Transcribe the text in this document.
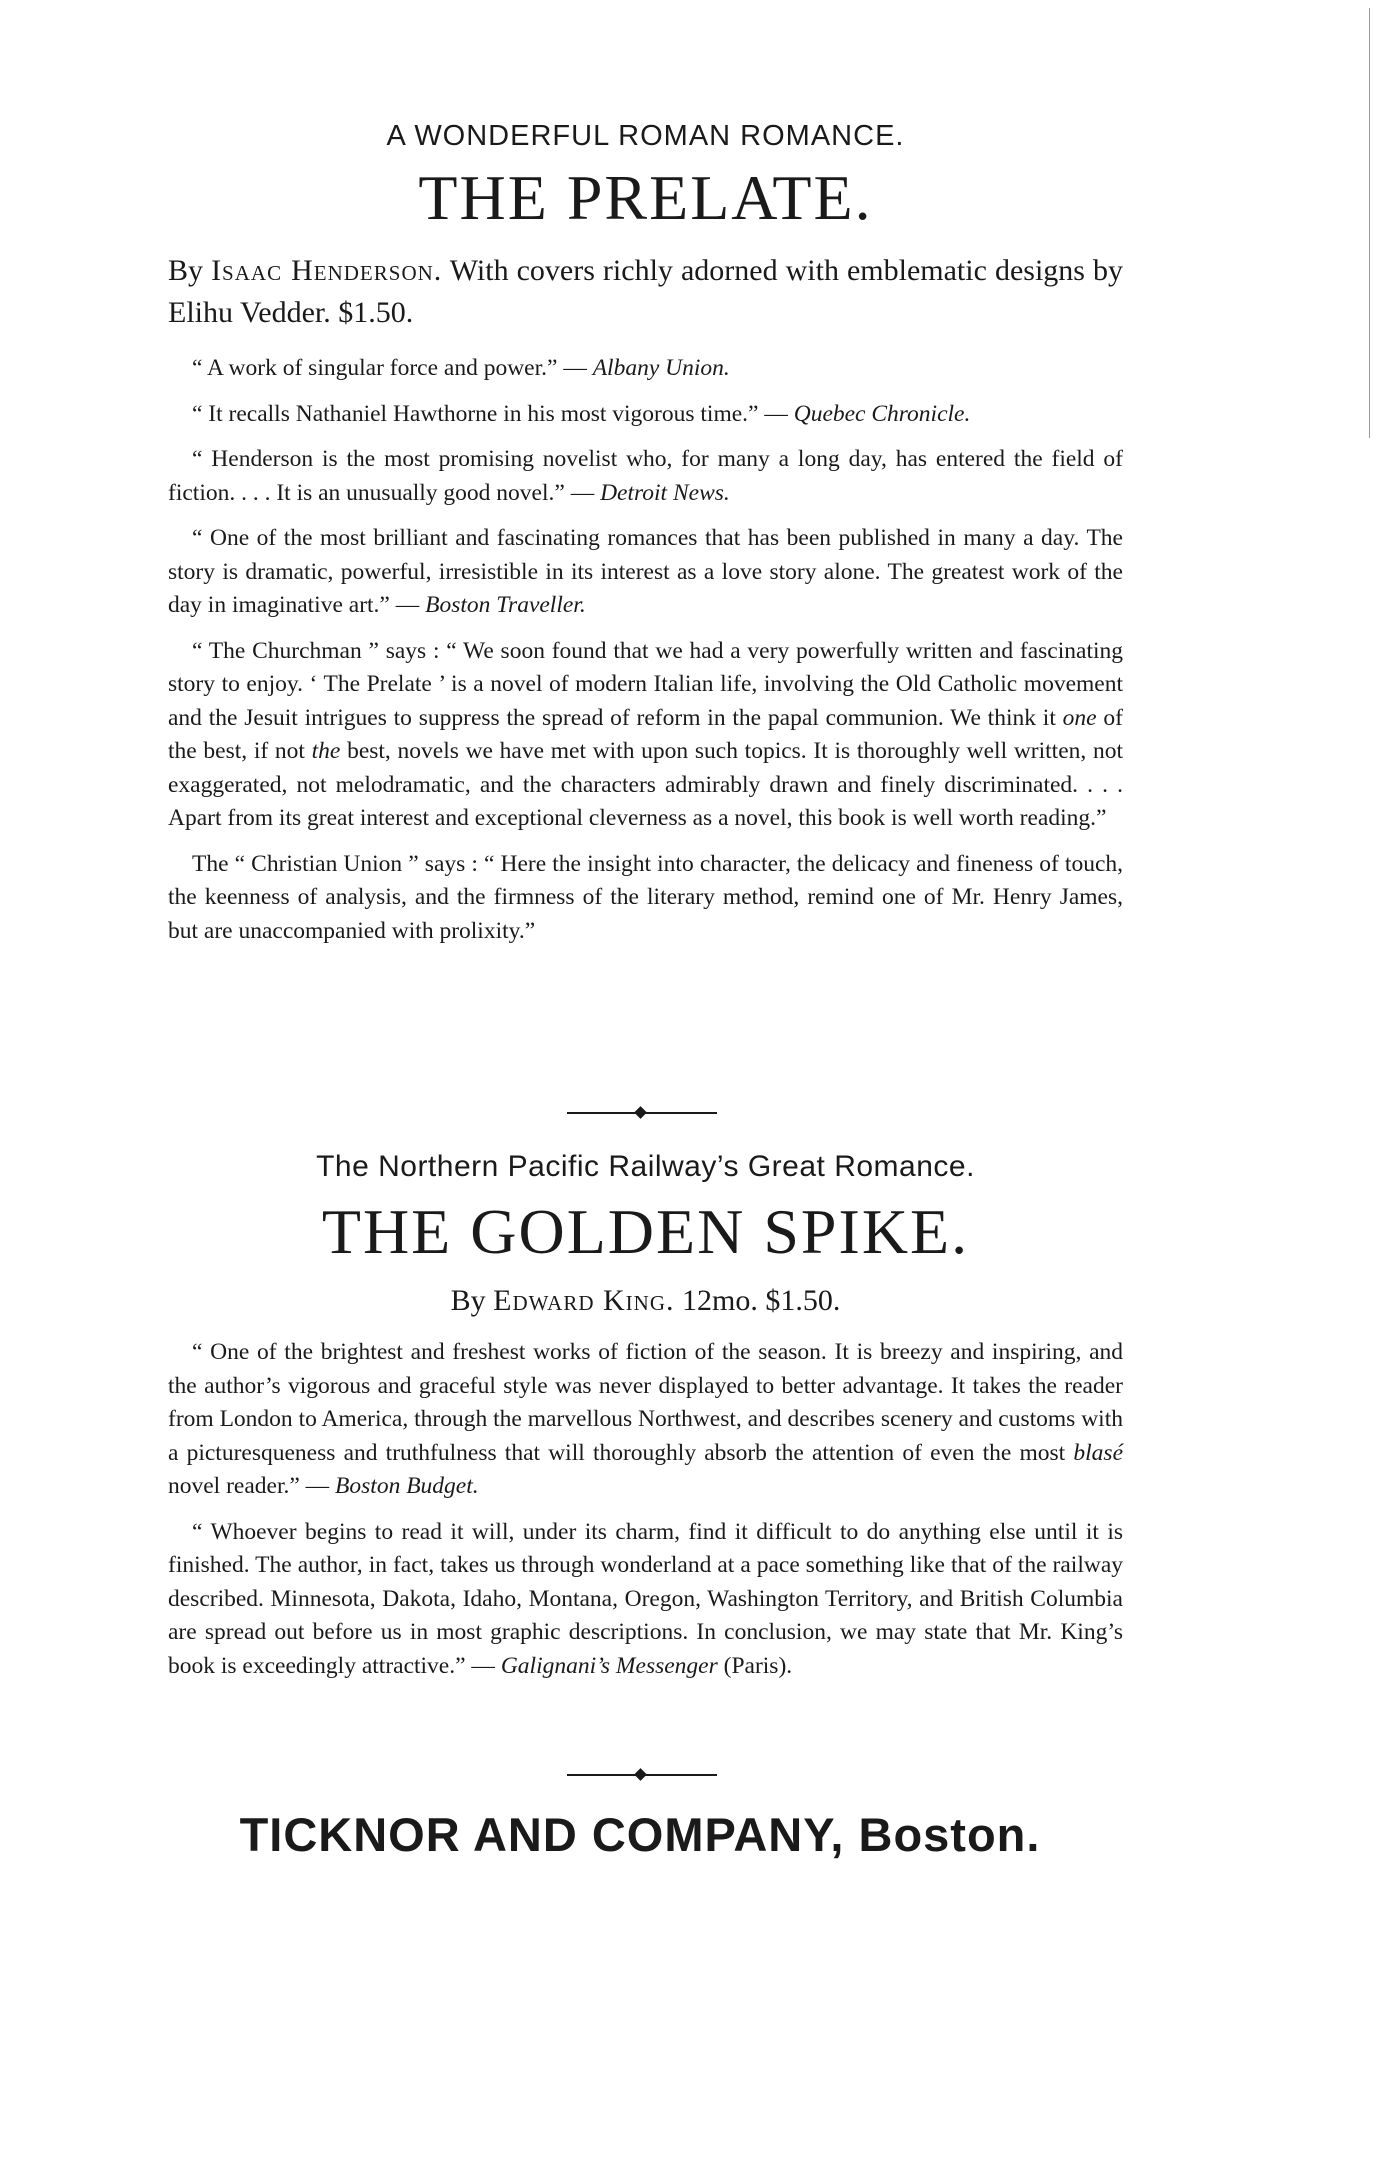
A WONDERFUL ROMAN ROMANCE.

THE PRELATE.

By Isaac Henderson. With covers richly adorned with emblematic designs by Elihu Vedder. $1.50.

“ A work of singular force and power.” — Albany Union.

“ It recalls Nathaniel Hawthorne in his most vigorous time.” — Quebec Chronicle.

“ Henderson is the most promising novelist who, for many a long day, has entered the field of fiction. . . . It is an unusually good novel.” — Detroit News.

“ One of the most brilliant and fascinating romances that has been published in many a day. The story is dramatic, powerful, irresistible in its interest as a love story alone. The greatest work of the day in imaginative art.” — Boston Traveller.

“ The Churchman ” says : “ We soon found that we had a very powerfully written and fascinating story to enjoy. ‘ The Prelate ’ is a novel of modern Italian life, involving the Old Catholic movement and the Jesuit intrigues to suppress the spread of reform in the papal communion. We think it one of the best, if not the best, novels we have met with upon such topics. It is thoroughly well written, not exaggerated, not melodramatic, and the characters admirably drawn and finely discriminated. . . . Apart from its great interest and exceptional cleverness as a novel, this book is well worth reading.”

The “ Christian Union ” says : “ Here the insight into character, the delicacy and fineness of touch, the keenness of analysis, and the firmness of the literary method, remind one of Mr. Henry James, but are unaccompanied with prolixity.”

The Northern Pacific Railway’s Great Romance.

THE GOLDEN SPIKE.

By Edward King. 12mo. $1.50.

“ One of the brightest and freshest works of fiction of the season. It is breezy and inspiring, and the author’s vigorous and graceful style was never displayed to better advantage. It takes the reader from London to America, through the marvellous Northwest, and describes scenery and customs with a picturesqueness and truthfulness that will thoroughly absorb the attention of even the most blasé novel reader.” — Boston Budget.

“ Whoever begins to read it will, under its charm, find it difficult to do anything else until it is finished. The author, in fact, takes us through wonderland at a pace something like that of the railway described. Minnesota, Dakota, Idaho, Montana, Oregon, Washington Territory, and British Columbia are spread out before us in most graphic descriptions. In conclusion, we may state that Mr. King’s book is exceedingly attractive.” — Galignani’s Messenger (Paris).

TICKNOR AND COMPANY, Boston.
